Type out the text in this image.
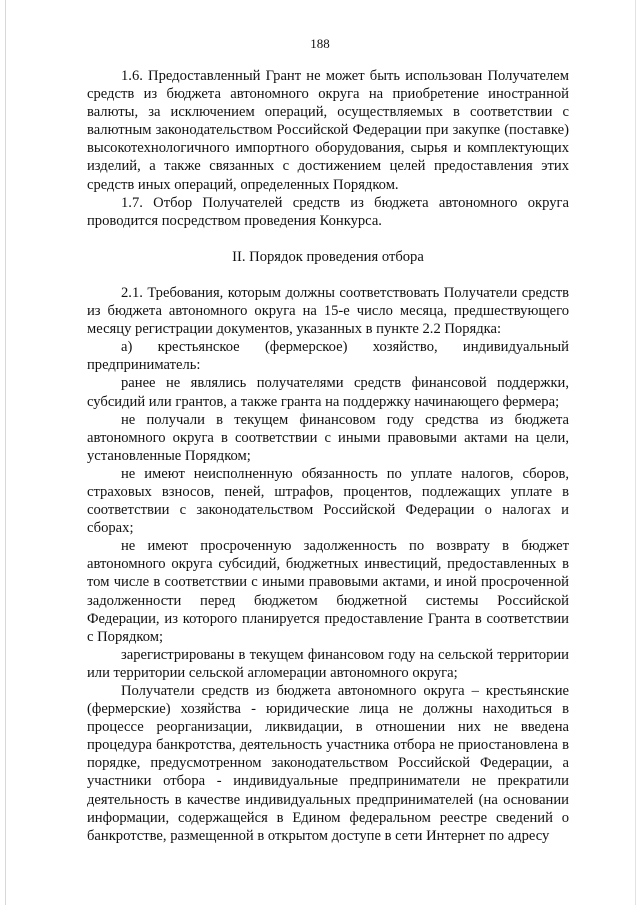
188

1.6. Предоставленный Грант не может быть использован Получателем средств из бюджета автономного округа на приобретение иностранной валюты, за исключением операций, осуществляемых в соответствии с валютным законодательством Российской Федерации при закупке (поставке) высокотехнологичного импортного оборудования, сырья и комплектующих изделий, а также связанных с достижением целей предоставления этих средств иных операций, определенных Порядком.

1.7. Отбор Получателей средств из бюджета автономного округа проводится посредством проведения Конкурса.

II. Порядок проведения отбора

2.1. Требования, которым должны соответствовать Получатели средств из бюджета автономного округа на 15-е число месяца, предшествующего месяцу регистрации документов, указанных в пункте 2.2 Порядка:

а) крестьянское (фермерское) хозяйство, индивидуальный предприниматель:

ранее не являлись получателями средств финансовой поддержки, субсидий или грантов, а также гранта на поддержку начинающего фермера;

не получали в текущем финансовом году средства из бюджета автономного округа в соответствии с иными правовыми актами на цели, установленные Порядком;

не имеют неисполненную обязанность по уплате налогов, сборов, страховых взносов, пеней, штрафов, процентов, подлежащих уплате в соответствии с законодательством Российской Федерации о налогах и сборах;

не имеют просроченную задолженность по возврату в бюджет автономного округа субсидий, бюджетных инвестиций, предоставленных в том числе в соответствии с иными правовыми актами, и иной просроченной задолженности перед бюджетом бюджетной системы Российской Федерации, из которого планируется предоставление Гранта в соответствии с Порядком;

зарегистрированы в текущем финансовом году на сельской территории или территории сельской агломерации автономного округа;

Получатели средств из бюджета автономного округа – крестьянские (фермерские) хозяйства - юридические лица не должны находиться в процессе реорганизации, ликвидации, в отношении них не введена процедура банкротства, деятельность участника отбора не приостановлена в порядке, предусмотренном законодательством Российской Федерации, а участники отбора - индивидуальные предприниматели не прекратили деятельность в качестве индивидуальных предпринимателей (на основании информации, содержащейся в Едином федеральном реестре сведений о банкротстве, размещенной в открытом доступе в сети Интернет по адресу
